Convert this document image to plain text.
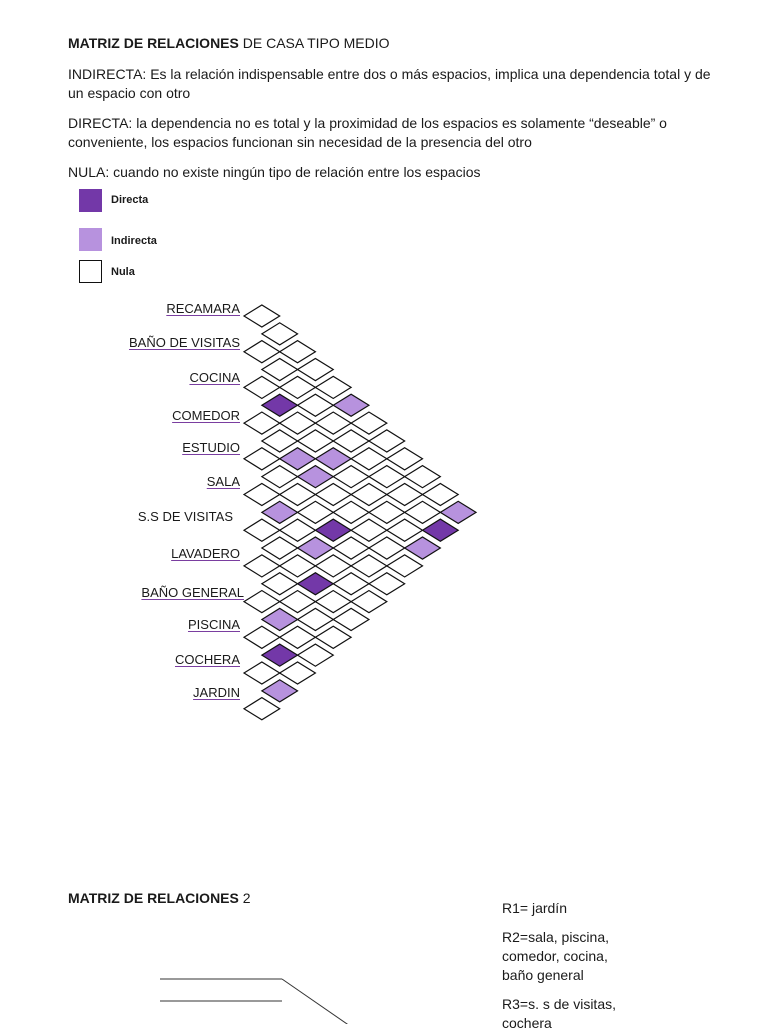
MATRIZ DE RELACIONES DE CASA TIPO MEDIO
INDIRECTA: Es la relación indispensable entre dos o más espacios, implica una dependencia total y de un espacio con otro
DIRECTA: la dependencia no es total y la proximidad de los espacios es solamente “deseable” o conveniente, los espacios funcionan sin necesidad de la presencia del otro
NULA: cuando no existe ningún tipo de relación entre los espacios
Directa
Indirecta
Nula
RECAMARA
BAÑO DE VISITAS
COCINA
COMEDOR
ESTUDIO
SALA
S.S DE VISITAS
LAVADERO
BAÑO GENERAL
PISCINA
COCHERA
JARDIN
MATRIZ DE RELACIONES 2
R1= jardín
R2=sala, piscina, comedor, cocina, baño general
R3=s. s de visitas, cochera
